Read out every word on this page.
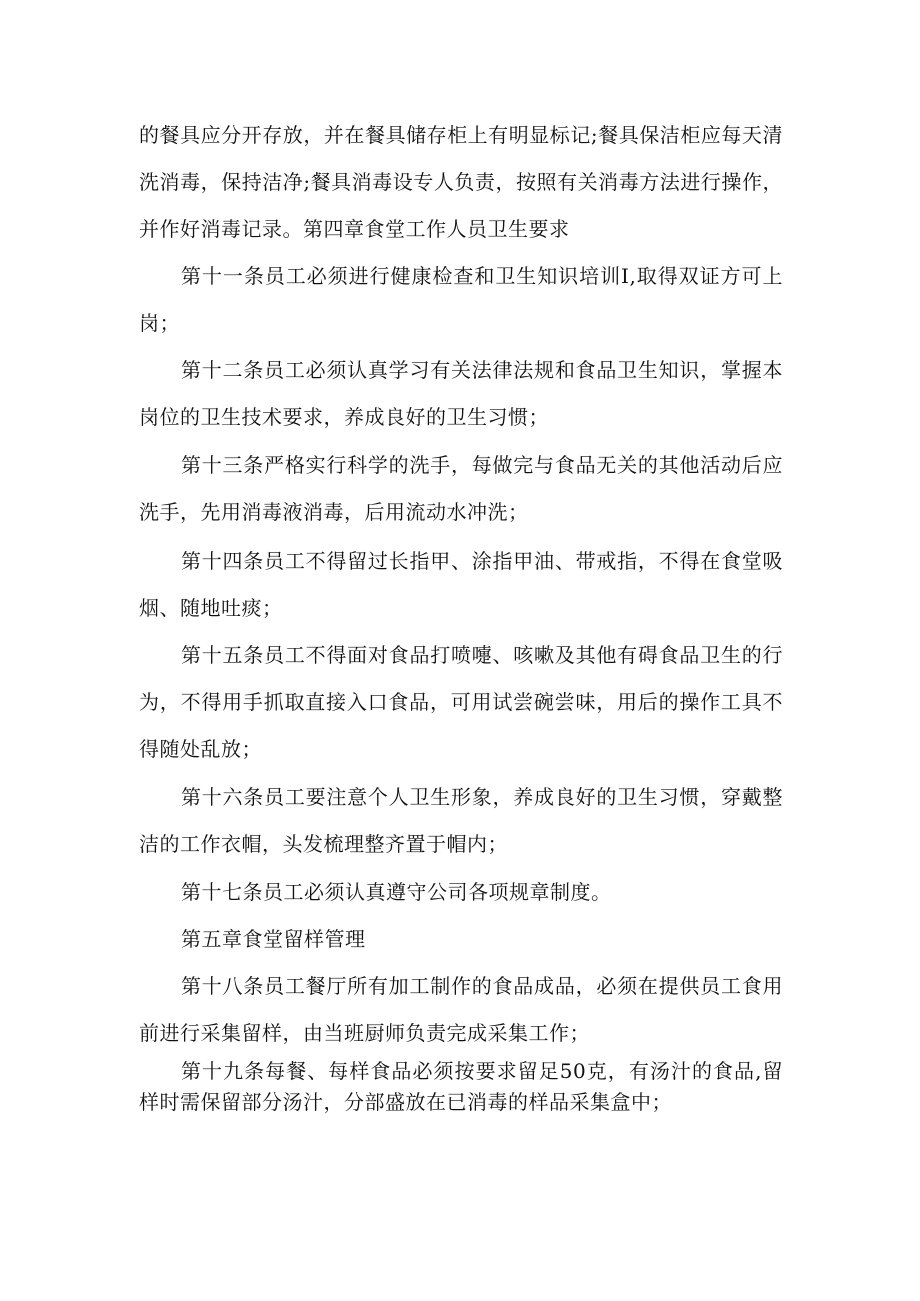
的餐具应分开存放，并在餐具储存柜上有明显标记;餐具保洁柜应每天清洗消毒，保持洁净;餐具消毒设专人负责，按照有关消毒方法进行操作，并作好消毒记录。第四章食堂工作人员卫生要求

第十一条员工必须进行健康检查和卫生知识培训I,取得双证方可上岗；

第十二条员工必须认真学习有关法律法规和食品卫生知识，掌握本岗位的卫生技术要求，养成良好的卫生习惯；

第十三条严格实行科学的洗手，每做完与食品无关的其他活动后应洗手，先用消毒液消毒，后用流动水冲洗；

第十四条员工不得留过长指甲、涂指甲油、带戒指，不得在食堂吸烟、随地吐痰；

第十五条员工不得面对食品打喷嚏、咳嗽及其他有碍食品卫生的行为，不得用手抓取直接入口食品，可用试尝碗尝味，用后的操作工具不得随处乱放；

第十六条员工要注意个人卫生形象，养成良好的卫生习惯，穿戴整洁的工作衣帽，头发梳理整齐置于帽内；

第十七条员工必须认真遵守公司各项规章制度。

第五章食堂留样管理

第十八条员工餐厅所有加工制作的食品成品，必须在提供员工食用前进行采集留样，由当班厨师负责完成采集工作；

第十九条每餐、每样食品必须按要求留足50克，有汤汁的食品,留样时需保留部分汤汁，分部盛放在已消毒的样品采集盒中；
